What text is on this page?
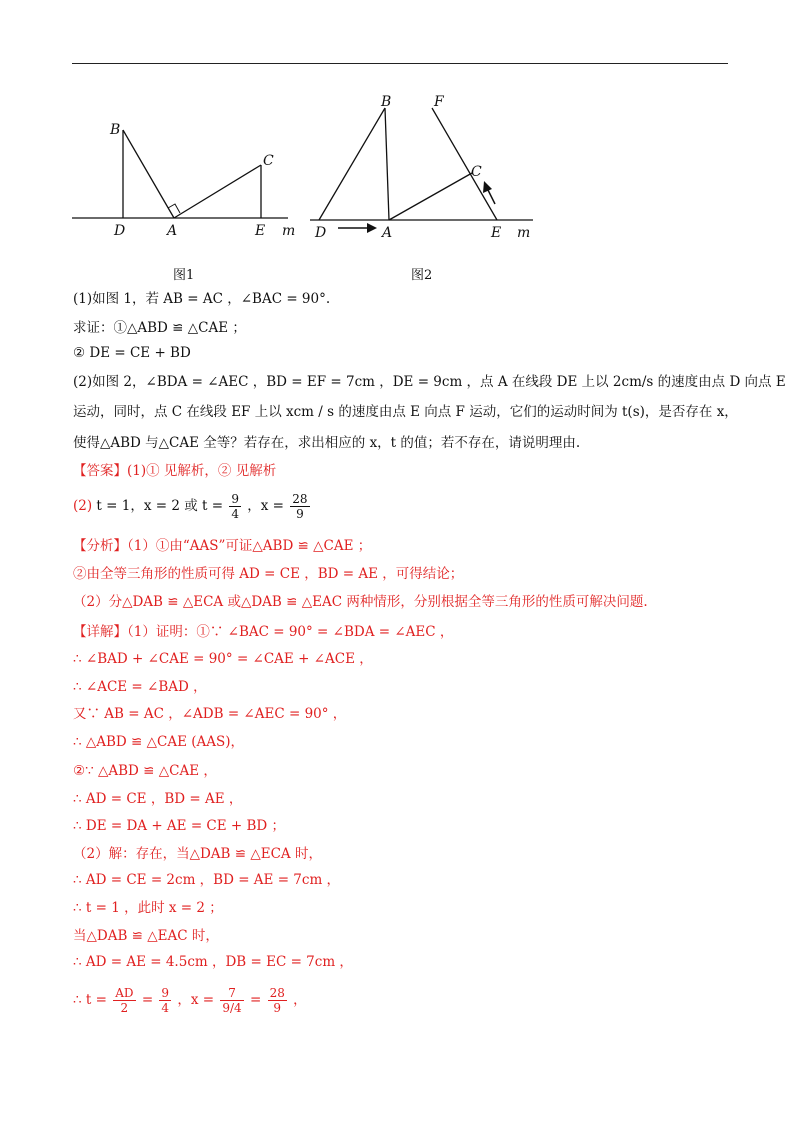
B
C
D	A	E m
图1
B	F
C
D	A	E m
图2
(1)如图 1，若 AB = AC ，∠BAC = 90°.
求证：①△ABD ≌ △CAE ；
② DE = CE + BD
(2)如图 2，∠BDA = ∠AEC ，BD = EF = 7cm ，DE = 9cm ，点 A 在线段 DE 上以 2cm/s 的速度由点 D 向点 E
运动，同时，点 C 在线段 EF 上以 xcm / s 的速度由点 E 向点 F 运动，它们的运动时间为 t(s)，是否存在 x，
使得△ABD 与△CAE 全等？若存在，求出相应的 x，t 的值；若不存在，请说明理由.
【答案】(1)① 见解析，② 见解析
(2) t = 1，x = 2 或 $t = \frac{9}{4}$ ，$x = \frac{28}{9}$
【分析】（1）①由“AAS”可证△ABD ≌ △CAE ；
②由全等三角形的性质可得 AD = CE ，BD = AE ，可得结论；
（2）分△DAB ≌ △ECA 或△DAB ≌ △EAC 两种情形，分别根据全等三角形的性质可解决问题.
【详解】（1）证明：①∵ ∠BAC = 90° = ∠BDA = ∠AEC ，
∴ ∠BAD + ∠CAE = 90° = ∠CAE + ∠ACE ，
∴ ∠ACE = ∠BAD ，
又∵ AB = AC ，∠ADB = ∠AEC = 90° ，
∴ △ABD ≌ △CAE (AAS)，
②∵ △ABD ≌ △CAE ，
∴ AD = CE ，BD = AE ，
∴ DE = DA + AE = CE + BD ；
（2）解：存在，当△DAB ≌ △ECA 时，
∴ AD = CE = 2cm ，BD = AE = 7cm ，
∴ t = 1 ，此时 x = 2 ；
当△DAB ≌ △EAC 时，
∴ AD = AE = 4.5cm ，DB = EC = 7cm ，
∴ $t = \frac{AD}{2} = \frac{9}{4}$ ，$x = \frac{7}{9/4} = \frac{28}{9}$ ，
